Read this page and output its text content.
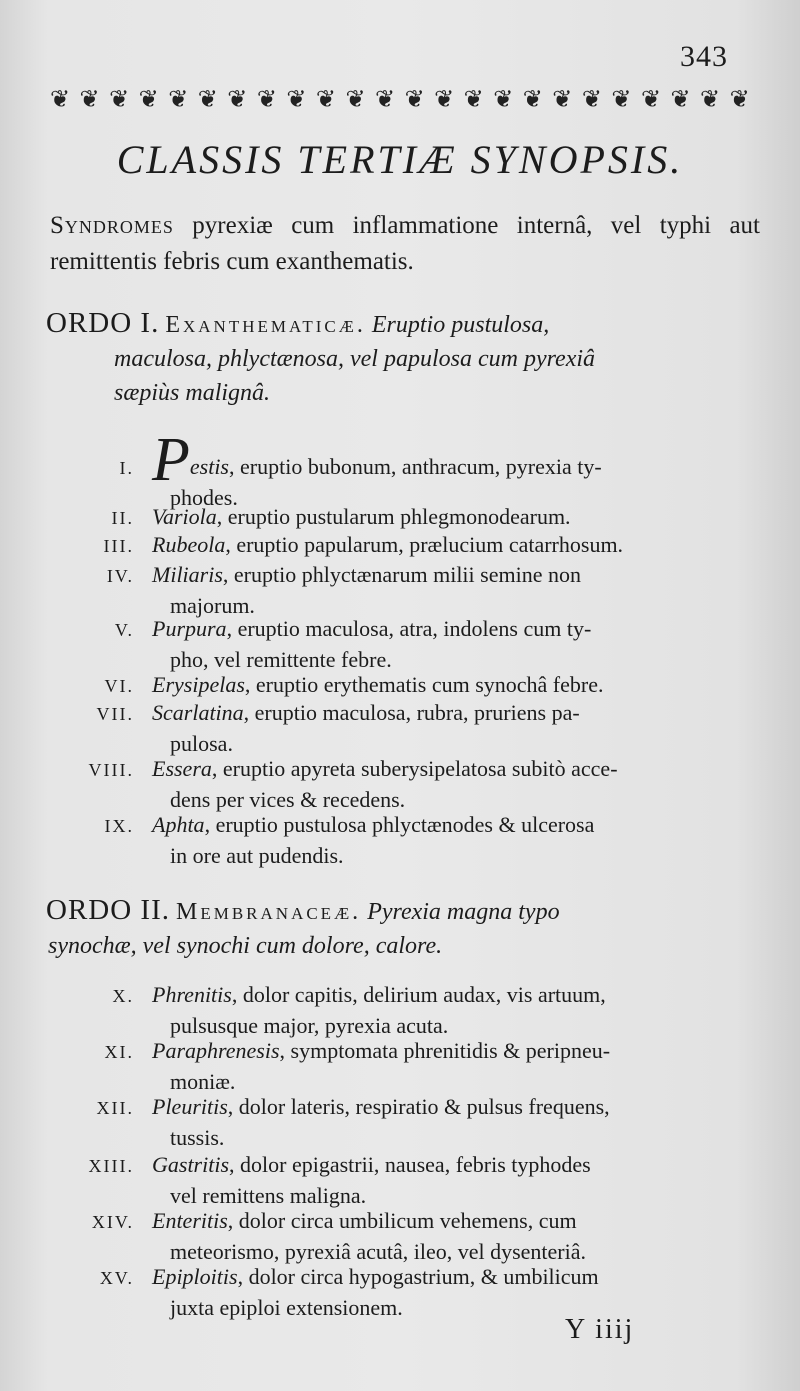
343
❦ ❦ ❦ ❦ ❦ ❦ ❦ ❦ ❦ ❦ ❦ ❦ ❦ ❦ ❦ ❦ ❦ ❦ ❦ ❦ ❦ ❦ ❦ ❦
CLASSIS TERTIÆ SYNOPSIS.
Syndromes pyrexiæ cum inflammatione internâ, vel typhi aut remittentis febris cum exanthematis.
ORDO I. Exanthematicæ. Eruptio pustulosa,
maculosa, phlyctænosa, vel papulosa cum pyrexiâ
sæpiùs malignâ.
I. Pestis, eruptio bubonum, anthracum, pyrexia ty-
phodes.
II. Variola, eruptio pustularum phlegmonodearum.
III. Rubeola, eruptio papularum, prælucium catarrhosum.
IV. Miliaris, eruptio phlyctænarum milii semine non
majorum.
V. Purpura, eruptio maculosa, atra, indolens cum ty-
pho, vel remittente febre.
VI. Erysipelas, eruptio erythematis cum synochâ febre.
VII. Scarlatina, eruptio maculosa, rubra, pruriens pa-
pulosa.
VIII. Essera, eruptio apyreta suberysipelatosa subitò acce-
dens per vices & recedens.
IX. Aphta, eruptio pustulosa phlyctænodes & ulcerosa
in ore aut pudendis.
ORDO II. Membranaceæ. Pyrexia magna typo
synochæ, vel synochi cum dolore, calore.
X. Phrenitis, dolor capitis, delirium audax, vis artuum,
pulsusque major, pyrexia acuta.
XI. Paraphrenesis, symptomata phrenitidis & peripneu-
moniæ.
XII. Pleuritis, dolor lateris, respiratio & pulsus frequens,
tussis.
XIII. Gastritis, dolor epigastrii, nausea, febris typhodes
vel remittens maligna.
XIV. Enteritis, dolor circa umbilicum vehemens, cum
meteorismo, pyrexiâ acutâ, ileo, vel dysenteriâ.
XV. Epiploitis, dolor circa hypogastrium, & umbilicum
juxta epiploi extensionem.
Y iiij
